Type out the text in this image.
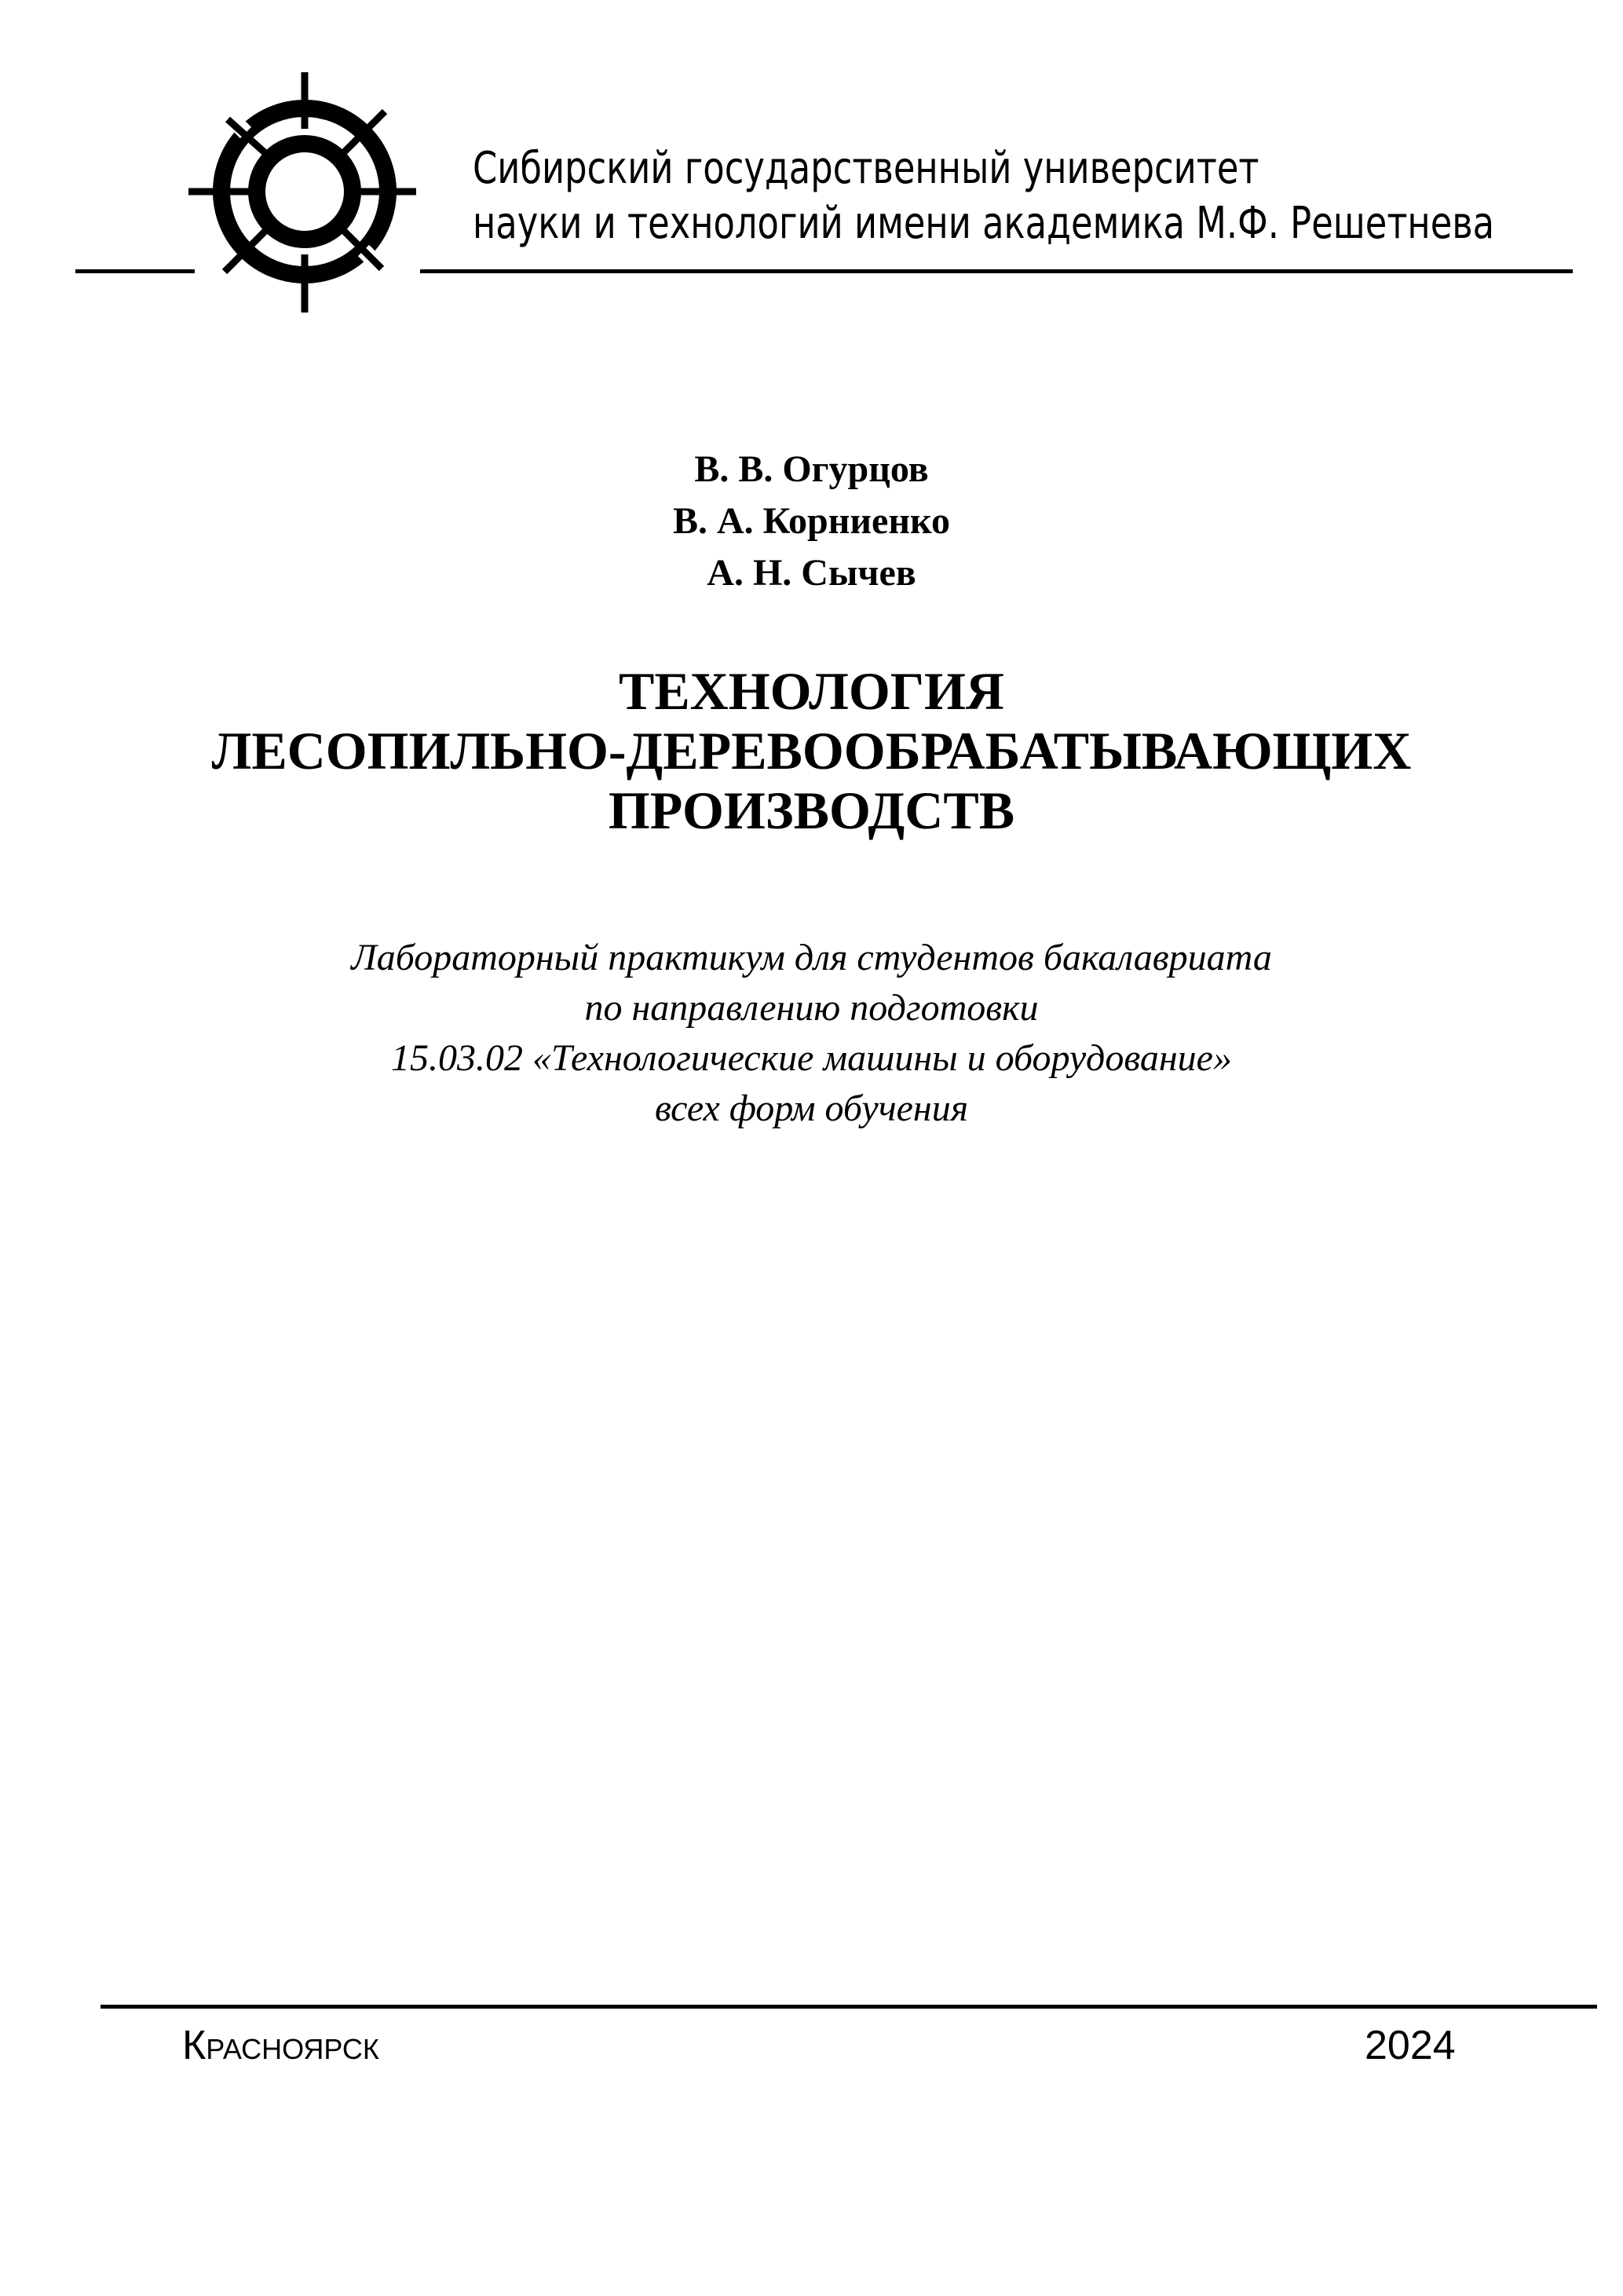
Сибирский государственный университет
науки и технологий имени академика М.Ф. Решетнева
В. В. Огурцов
В. А. Корниенко
А. Н. Сычев
ТЕХНОЛОГИЯ
ЛЕСОПИЛЬНО-ДЕРЕВООБРАБАТЫВАЮЩИХ
ПРОИЗВОДСТВ
Лабораторный практикум для студентов бакалавриата
по направлению подготовки
15.03.02 «Технологические машины и оборудование»
всех форм обучения
Красноярск	2024
